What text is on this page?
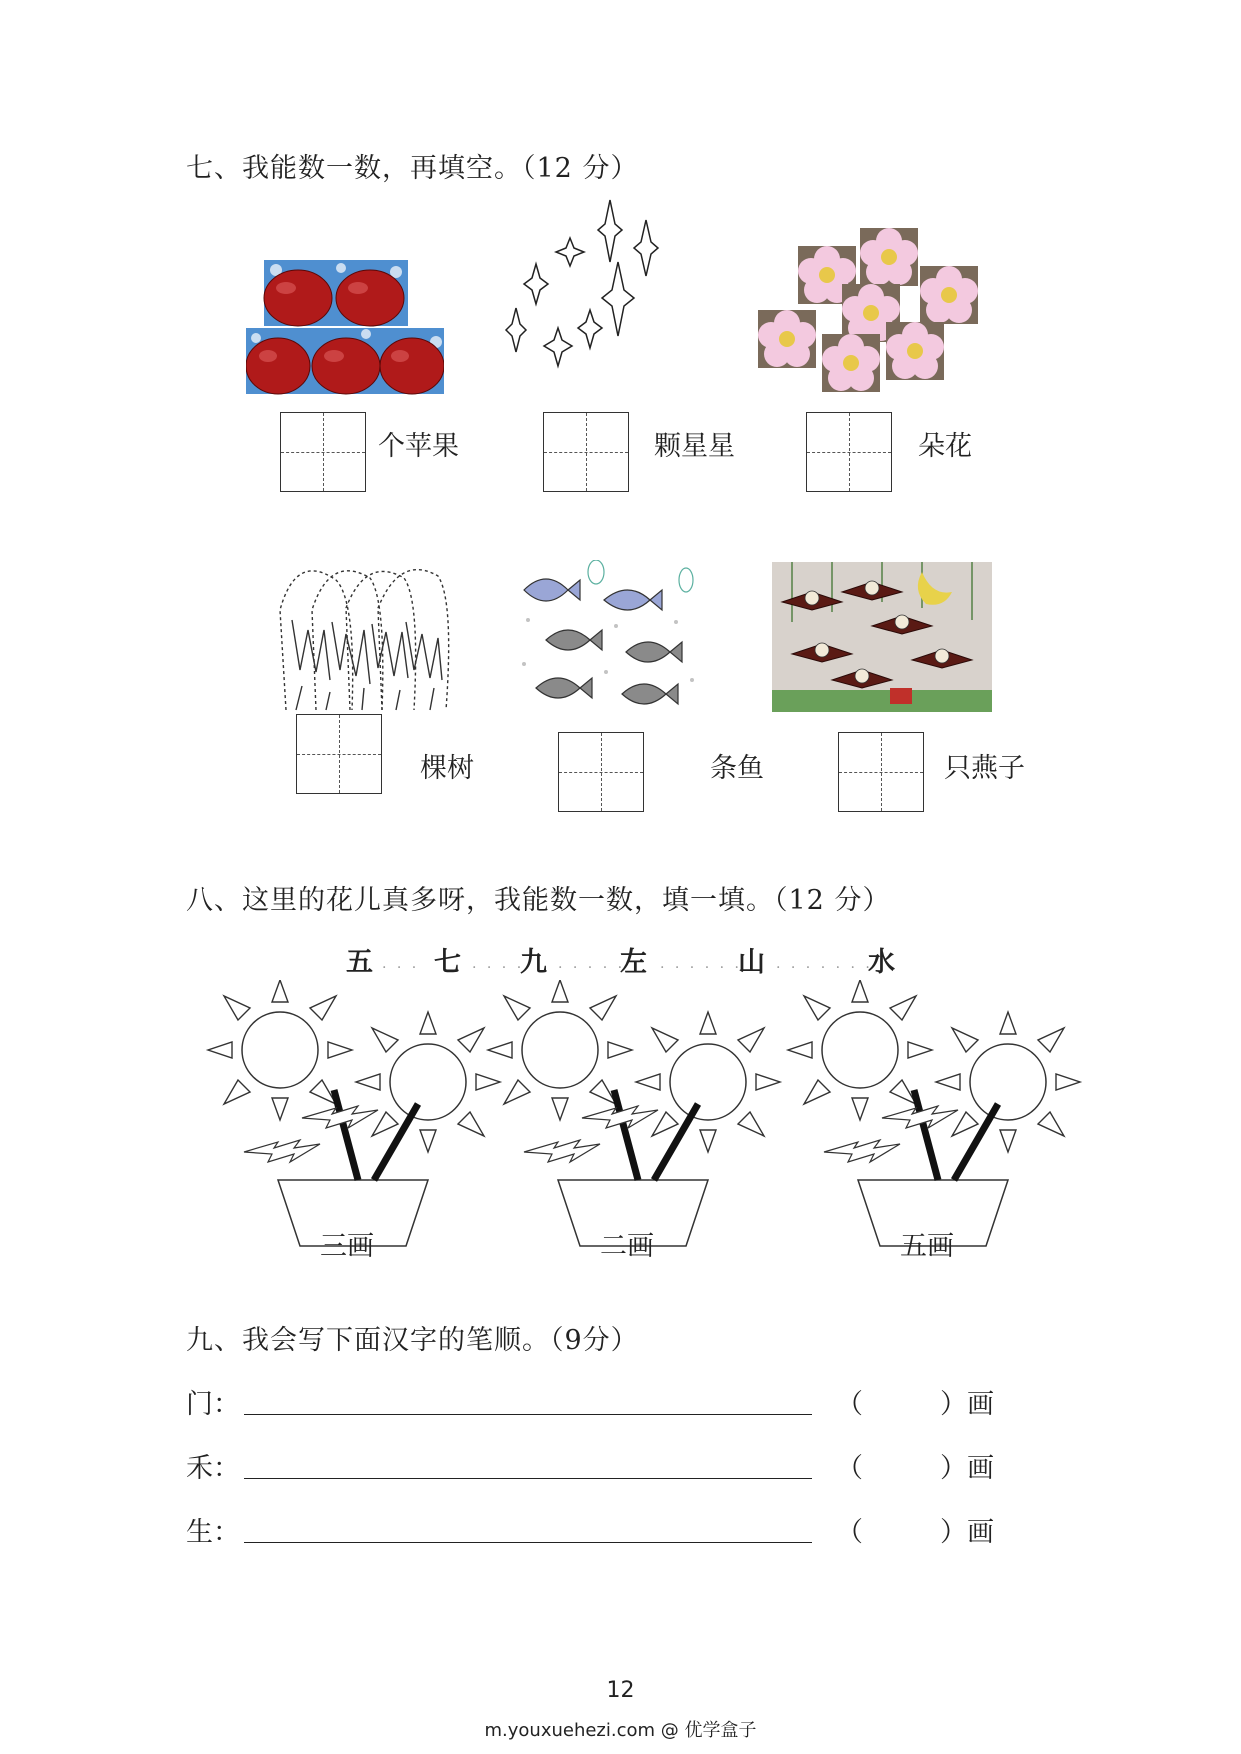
七、我能数一数，再填空。（12 分）
个苹果	颗星星	朵花
棵树	条鱼	只燕子
八、这里的花儿真多呀，我能数一数，填一填。（12 分）
五 . . . 七 . . . .
九 . . . . .
左 . . . . . .
山 . . . . . . .
水
三画	二画	五画
九、我会写下面汉字的笔顺。（9分）
门：	（	）画
禾：	（	）画
生：	（	）画
12
m.youxuehezi.com @ 优学盒子
